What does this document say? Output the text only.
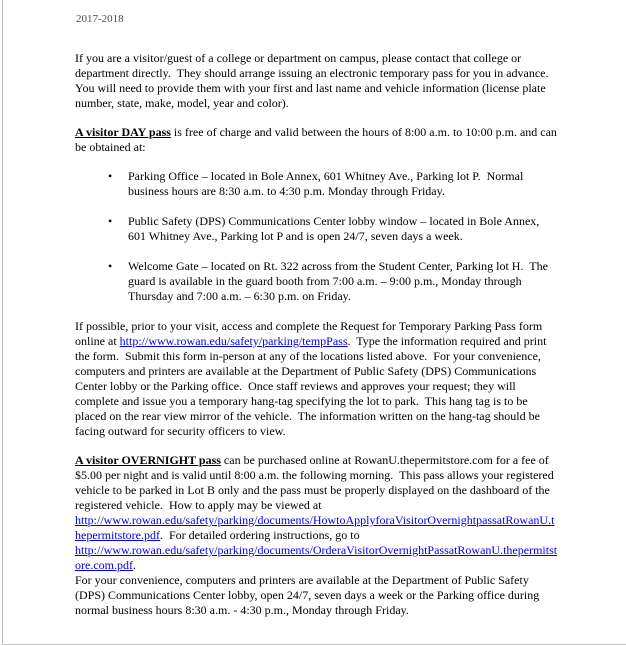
2017-2018

If you are a visitor/guest of a college or department on campus, please contact that college or department directly.  They should arrange issuing an electronic temporary pass for you in advance.  You will need to provide them with your first and last name and vehicle information (license plate number, state, make, model, year and color).

A visitor DAY pass is free of charge and valid between the hours of 8:00 a.m. to 10:00 p.m. and can be obtained at:

• Parking Office – located in Bole Annex, 601 Whitney Ave., Parking lot P.  Normal business hours are 8:30 a.m. to 4:30 p.m. Monday through Friday.
• Public Safety (DPS) Communications Center lobby window – located in Bole Annex, 601 Whitney Ave., Parking lot P and is open 24/7, seven days a week.
• Welcome Gate – located on Rt. 322 across from the Student Center, Parking lot H.  The guard is available in the guard booth from 7:00 a.m. – 9:00 p.m., Monday through Thursday and 7:00 a.m. – 6:30 p.m. on Friday.

If possible, prior to your visit, access and complete the Request for Temporary Parking Pass form online at http://www.rowan.edu/safety/parking/tempPass.  Type the information required and print the form.  Submit this form in-person at any of the locations listed above.  For your convenience, computers and printers are available at the Department of Public Safety (DPS) Communications Center lobby or the Parking office.  Once staff reviews and approves your request; they will complete and issue you a temporary hang-tag specifying the lot to park.  This hang tag is to be placed on the rear view mirror of the vehicle.  The information written on the hang-tag should be facing outward for security officers to view.

A visitor OVERNIGHT pass can be purchased online at RowanU.thepermitstore.com for a fee of $5.00 per night and is valid until 8:00 a.m. the following morning.  This pass allows your registered vehicle to be parked in Lot B only and the pass must be properly displayed on the dashboard of the registered vehicle.  How to apply may be viewed at http://www.rowan.edu/safety/parking/documents/HowtoApplyforaVisitorOvernightpassatRowanU.thepermitstore.pdf.  For detailed ordering instructions, go to http://www.rowan.edu/safety/parking/documents/OrderaVisitorOvernightPassatRowanU.thepermitstore.com.pdf.

For your convenience, computers and printers are available at the Department of Public Safety (DPS) Communications Center lobby, open 24/7, seven days a week or the Parking office during normal business hours 8:30 a.m. - 4:30 p.m., Monday through Friday.
